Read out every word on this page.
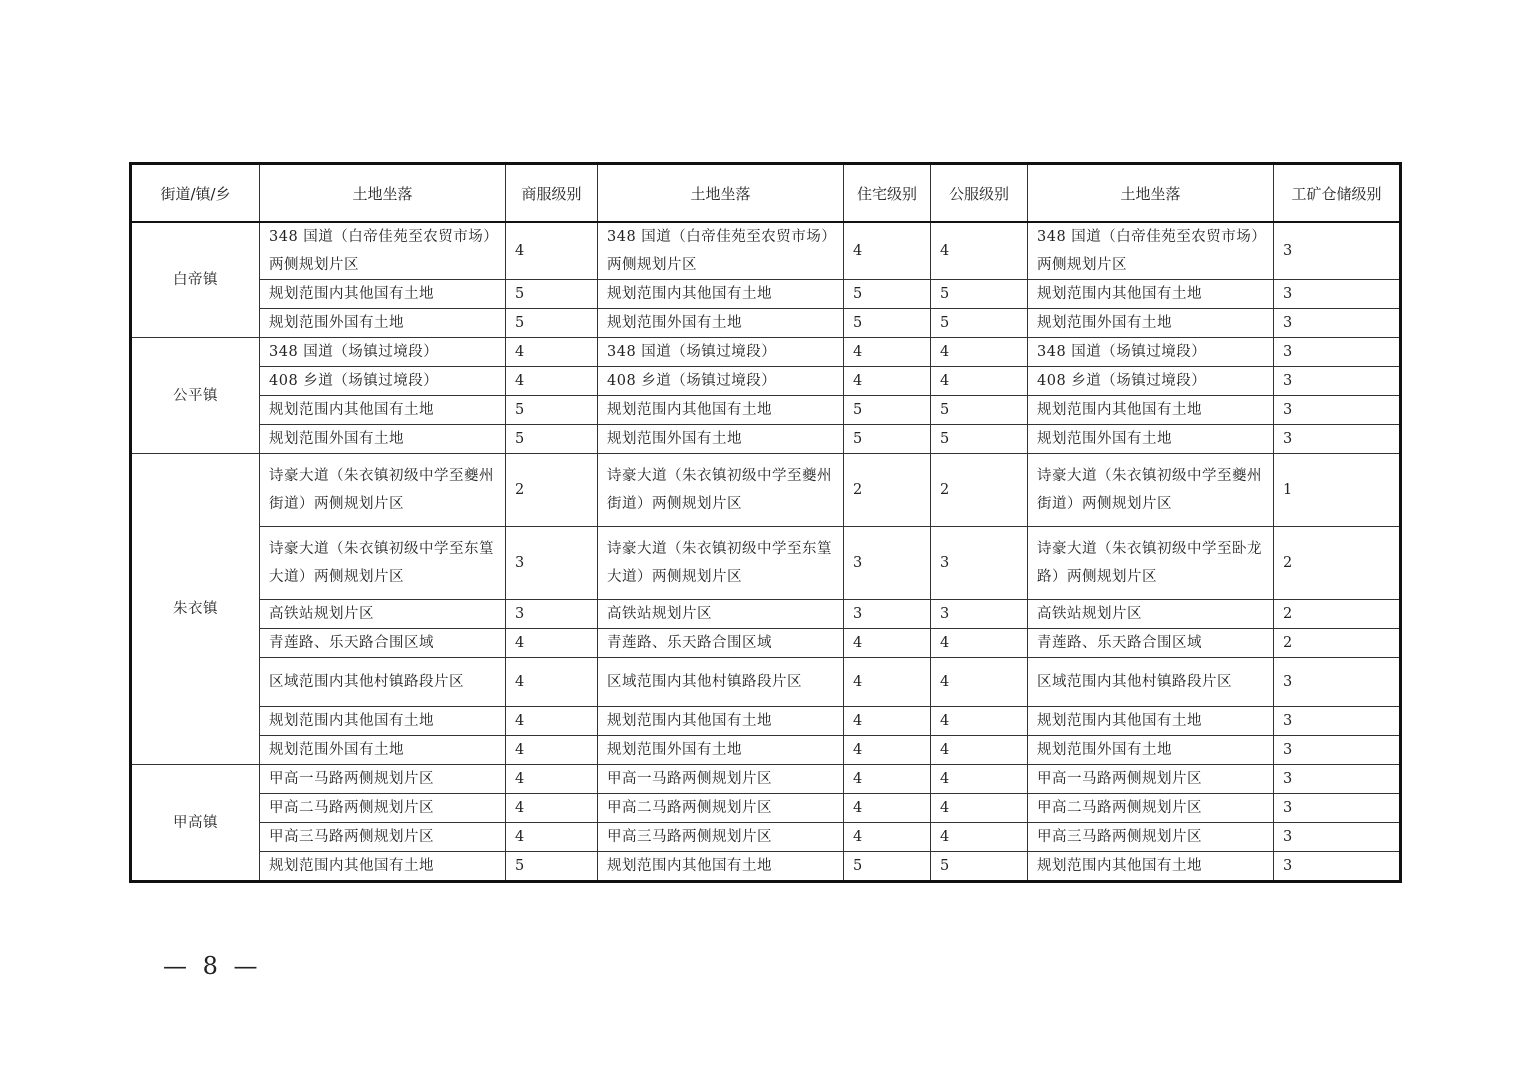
街道/镇/乡	土地坐落	商服级别	土地坐落	住宅级别	公服级别	土地坐落	工矿仓储级别
白帝镇	348 国道（白帝佳苑至农贸市场）两侧规划片区	4	348 国道（白帝佳苑至农贸市场）两侧规划片区	4	4	348 国道（白帝佳苑至农贸市场）两侧规划片区	3
	规划范围内其他国有土地	5	规划范围内其他国有土地	5	5	规划范围内其他国有土地	3
	规划范围外国有土地	5	规划范围外国有土地	5	5	规划范围外国有土地	3
公平镇	348 国道（场镇过境段）	4	348 国道（场镇过境段）	4	4	348 国道（场镇过境段）	3
	408 乡道（场镇过境段）	4	408 乡道（场镇过境段）	4	4	408 乡道（场镇过境段）	3
	规划范围内其他国有土地	5	规划范围内其他国有土地	5	5	规划范围内其他国有土地	3
	规划范围外国有土地	5	规划范围外国有土地	5	5	规划范围外国有土地	3
朱衣镇	诗豪大道（朱衣镇初级中学至夔州街道）两侧规划片区	2	诗豪大道（朱衣镇初级中学至夔州街道）两侧规划片区	2	2	诗豪大道（朱衣镇初级中学至夔州街道）两侧规划片区	1
	诗豪大道（朱衣镇初级中学至东篁大道）两侧规划片区	3	诗豪大道（朱衣镇初级中学至东篁大道）两侧规划片区	3	3	诗豪大道（朱衣镇初级中学至卧龙路）两侧规划片区	2
	高铁站规划片区	3	高铁站规划片区	3	3	高铁站规划片区	2
	青莲路、乐天路合围区域	4	青莲路、乐天路合围区域	4	4	青莲路、乐天路合围区域	2
	区域范围内其他村镇路段片区	4	区域范围内其他村镇路段片区	4	4	区域范围内其他村镇路段片区	3
	规划范围内其他国有土地	4	规划范围内其他国有土地	4	4	规划范围内其他国有土地	3
	规划范围外国有土地	4	规划范围外国有土地	4	4	规划范围外国有土地	3
甲高镇	甲高一马路两侧规划片区	4	甲高一马路两侧规划片区	4	4	甲高一马路两侧规划片区	3
	甲高二马路两侧规划片区	4	甲高二马路两侧规划片区	4	4	甲高二马路两侧规划片区	3
	甲高三马路两侧规划片区	4	甲高三马路两侧规划片区	4	4	甲高三马路两侧规划片区	3
	规划范围内其他国有土地	5	规划范围内其他国有土地	5	5	规划范围内其他国有土地	3
— 8 —
